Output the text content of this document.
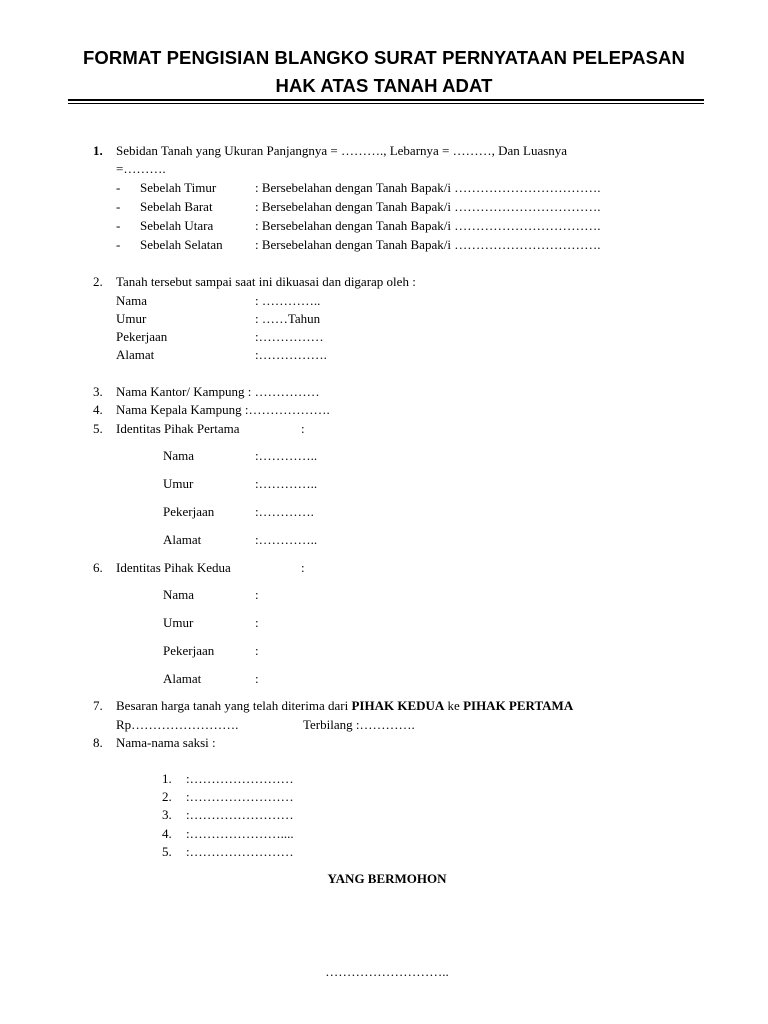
FORMAT PENGISIAN BLANGKO SURAT PERNYATAAN PELEPASAN
HAK ATAS TANAH ADAT
1. Sebidan Tanah yang Ukuran Panjangnya = ………., Lebarnya = ………, Dan Luasnya
=……….
- Sebelah Timur	: Bersebelahan dengan Tanah Bapak/i …………………………….
- Sebelah Barat	: Bersebelahan dengan Tanah Bapak/i …………………………….
- Sebelah Utara	: Bersebelahan dengan Tanah Bapak/i …………………………….
- Sebelah Selatan : Bersebelahan dengan Tanah Bapak/i …………………………….
2. Tanah tersebut sampai saat ini dikuasai dan digarap oleh :
Nama	: …………..
Umur	: ……Tahun
Pekerjaan	:……………
Alamat	:…………….
3. Nama Kantor/ Kampung : ……………
4. Nama Kepala Kampung :……………….
5. Identitas Pihak Pertama	:
Nama	:…………..
Umur	:…………..
Pekerjaan	:………….
Alamat	:…………..
6. Identitas Pihak Kedua	:
Nama	:
Umur	:
Pekerjaan	:
Alamat	:
7. Besaran harga tanah yang telah diterima dari PIHAK KEDUA ke PIHAK PERTAMA
Rp…………………….	Terbilang :………….
8. Nama-nama saksi :
1. :……………………
2. :……………………
3. :……………………
4. :…………………....
5. :……………………
YANG BERMOHON
………………………..
